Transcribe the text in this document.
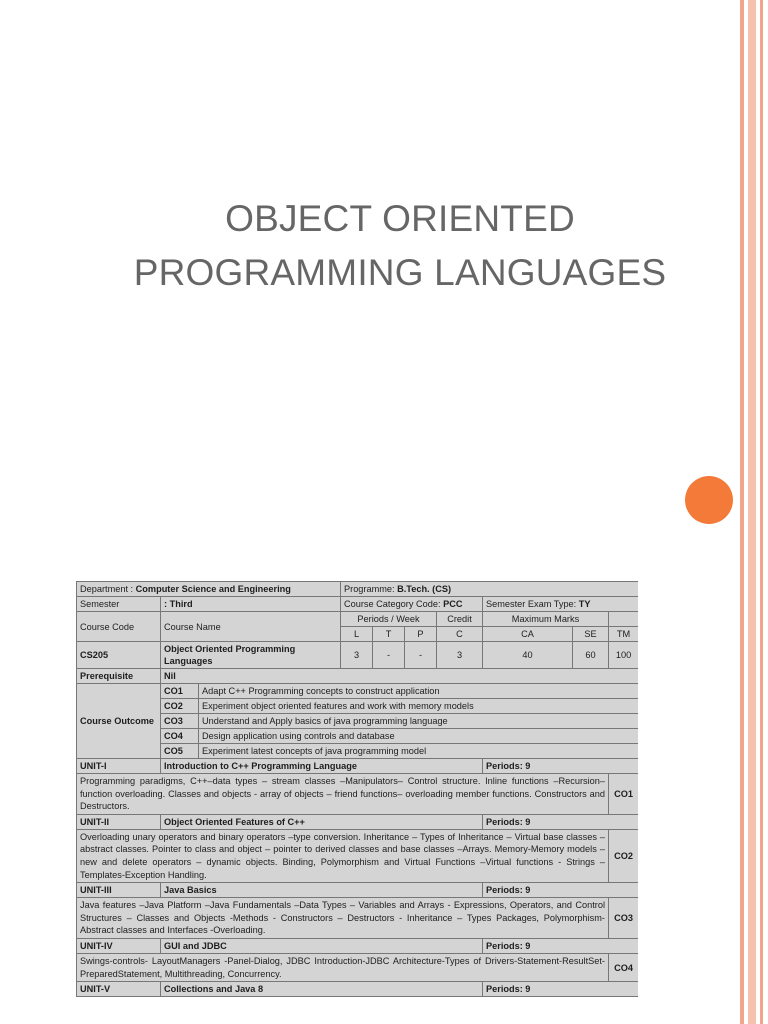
OBJECT ORIENTED
PROGRAMMING LANGUAGES
Department : Computer Science and Engineering			Programme: B.Tech. (CS)						
Semester	: Third		Course Category Code: PCC				Semester Exam Type: TY		
Course Code	Course Name		Periods / Week			Credit	Maximum Marks		
			L	T	P	C	CA	SE	TM
CS205	Object Oriented Programming Languages		3	-	-	3	40	60	100
Prerequisite	Nil								
Course Outcome	CO1	Adapt C++ Programming concepts to construct application							
	CO2	Experiment object oriented features and work with memory models							
	CO3	Understand and Apply basics of java programming language							
	CO4	Design application using controls and database							
	CO5	Experiment latest concepts of java programming model							
UNIT-I	Introduction to C++ Programming Language						Periods: 9		
Programming paradigms, C++–data types – stream classes –Manipulators– Control structure. Inline functions –Recursion–function overloading. Classes and objects - array of objects – friend functions– overloading member functions. Constructors and Destructors.									CO1
UNIT-II	Object Oriented Features of C++						Periods: 9		
Overloading unary operators and binary operators –type conversion. Inheritance – Types of Inheritance – Virtual base classes – abstract classes. Pointer to class and object – pointer to derived classes and base classes –Arrays. Memory-Memory models – new and delete operators – dynamic objects. Binding, Polymorphism and Virtual Functions –Virtual functions - Strings –Templates-Exception Handling.									CO2
UNIT-III	Java Basics						Periods: 9		
Java features –Java Platform –Java Fundamentals –Data Types – Variables and Arrays - Expressions, Operators, and Control Structures – Classes and Objects -Methods - Constructors – Destructors - Inheritance – Types Packages, Polymorphism- Abstract classes and Interfaces -Overloading.									CO3
UNIT-IV	GUI and JDBC						Periods: 9		
Swings-controls- LayoutManagers -Panel-Dialog, JDBC Introduction-JDBC Architecture-Types of Drivers-Statement-ResultSet-PreparedStatement, Multithreading, Concurrency.									CO4
UNIT-V	Collections and Java 8						Periods: 9		
